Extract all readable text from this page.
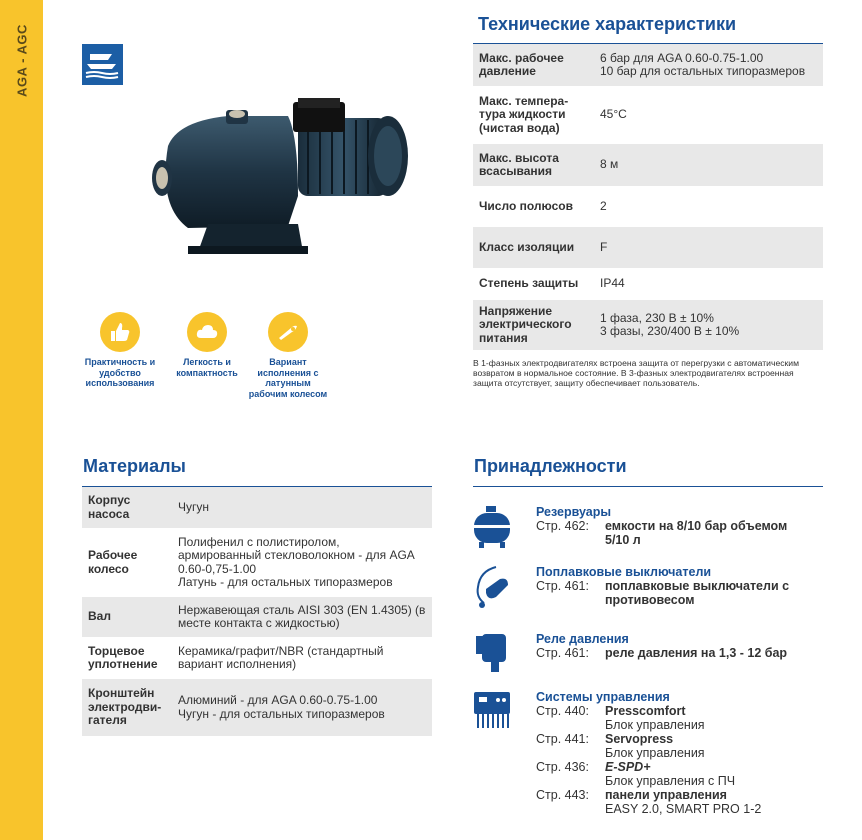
AGA - AGC
Практичность и удобство использования
Легкость и компактность
Вариант исполнения с латунным рабочим колесом
Технические характеристики
Макс. рабочее давление	6 бар для AGA 0.60-0.75-1.00
10 бар для остальных типоразмеров
Макс. темпера-тура жидкости (чистая вода)	45°C
Макс. высота всасывания	8 м
Число полюсов	2
Класс изоляции	F
Степень защиты	IP44
Напряжение электрического питания	1 фаза, 230 В ± 10%
3 фазы, 230/400 В ± 10%
В 1-фазных электродвигателях встроена защита от перегрузки с автоматическим возвратом в нормальное состояние. В 3-фазных электродвигателях встроенная защита отсутствует, защиту обеспечивает пользователь.
Материалы
Корпус насоса	Чугун
Рабочее колесо	Полифенил с полистиролом, армированный стекловолокном - для AGA 0.60-0,75-1.00
Латунь - для остальных типоразмеров
Вал	Нержавеющая сталь AISI 303 (EN 1.4305) (в месте контакта с жидкостью)
Торцевое уплотнение	Керамика/графит/NBR (стандартный вариант исполнения)
Кронштейн электродви-гателя	Алюминий - для AGA 0.60-0.75-1.00
Чугун - для остальных типоразмеров
Принадлежности
Резервуары
Стр. 462: емкости на 8/10 бар объемом 5/10 л
Поплавковые выключатели
Стр. 461: поплавковые выключатели с противовесом
Реле давления
Стр. 461: реле давления на 1,3 - 12 бар
Системы управления
Стр. 440: Presscomfort
Блок управления
Стр. 441: Servopress
Блок управления
Стр. 436: E-SPD+
Блок управления с ПЧ
Стр. 443: панели управления
EASY 2.0, SMART PRO 1-2
